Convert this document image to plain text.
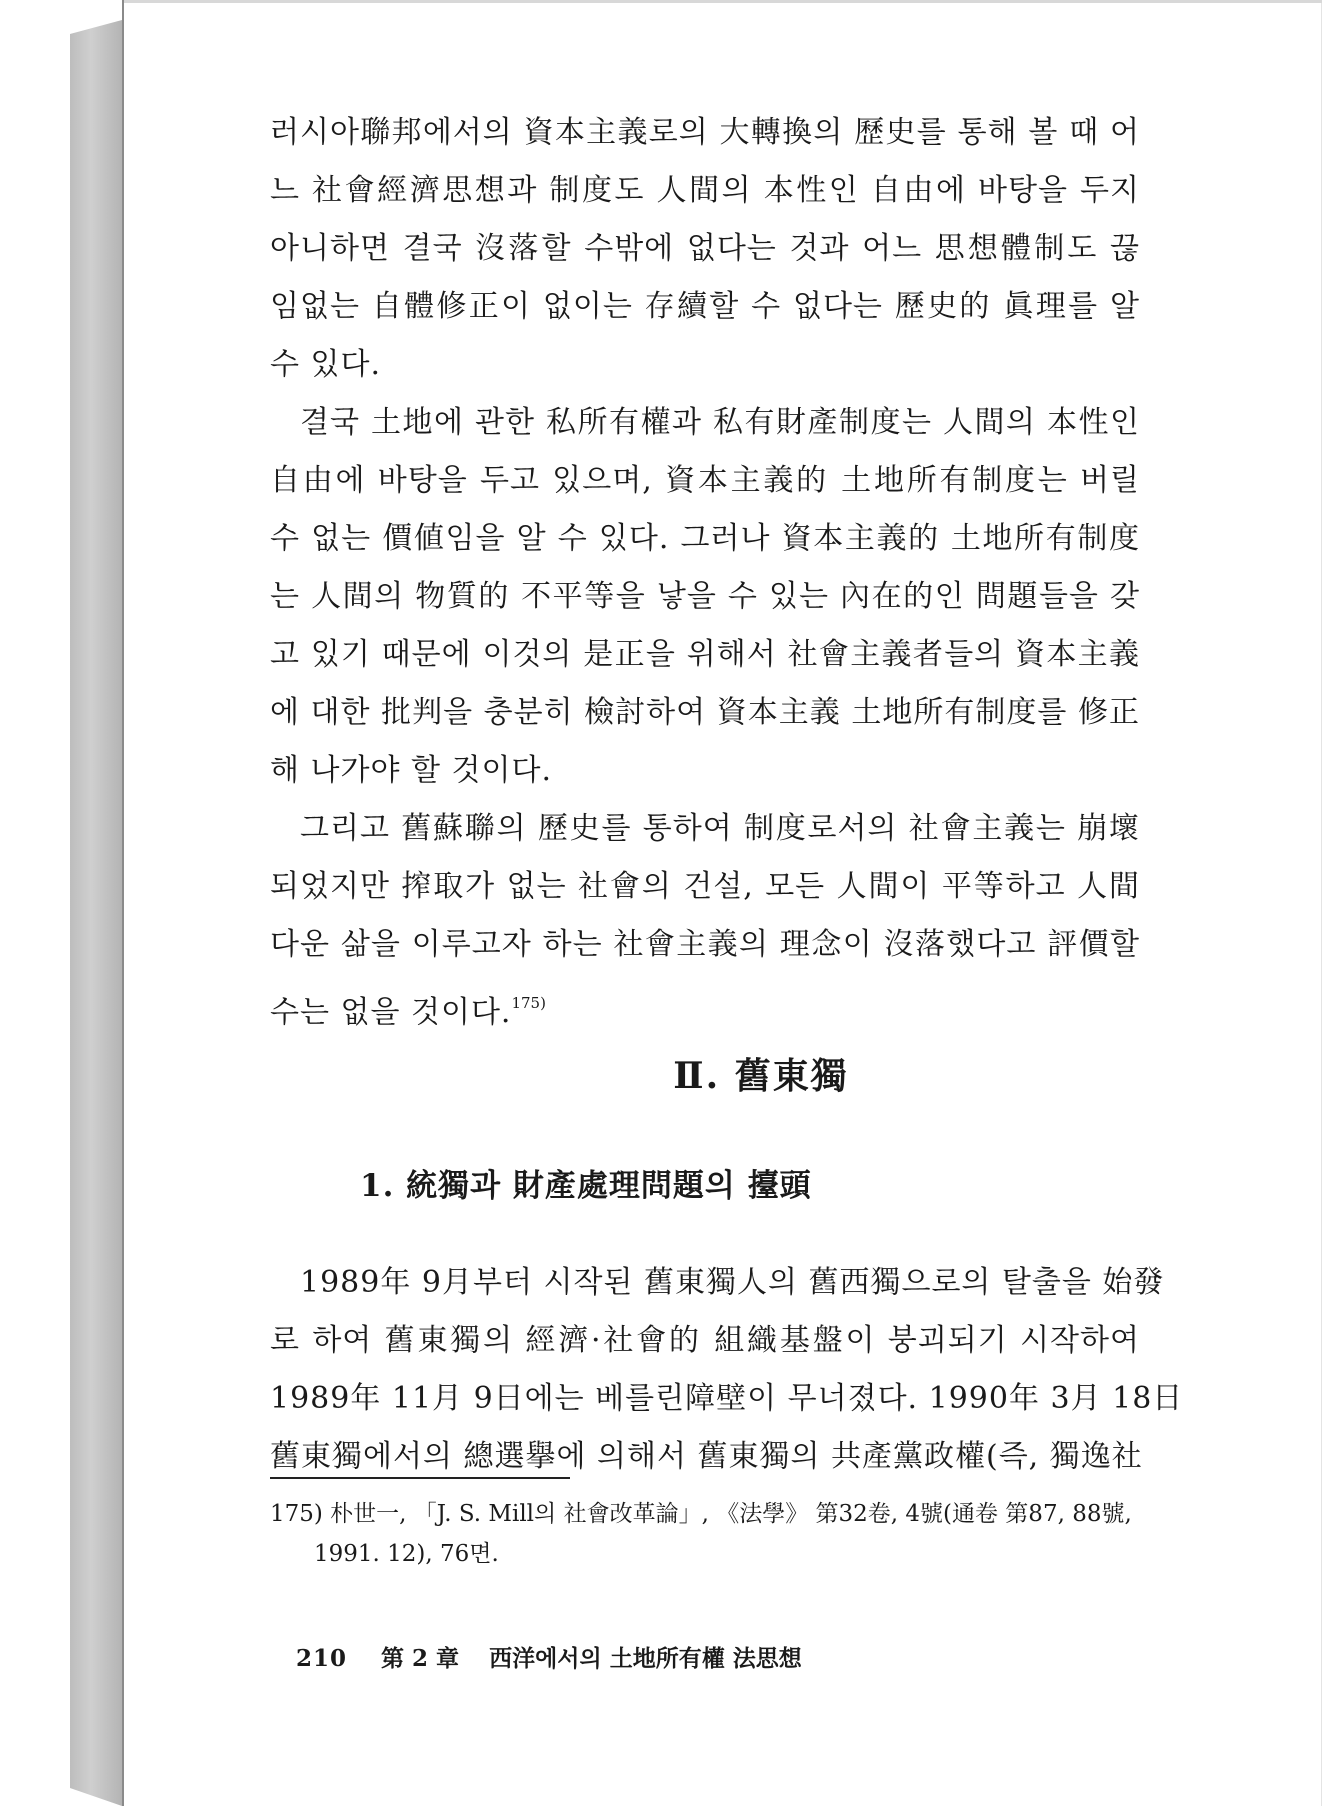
러시아聯邦에서의 資本主義로의 大轉換의 歷史를 통해 볼 때 어
느 社會經濟思想과 制度도 人間의 本性인 自由에 바탕을 두지
아니하면 결국 沒落할 수밖에 없다는 것과 어느 思想體制도 끊
임없는 自體修正이 없이는 存續할 수 없다는 歷史的 眞理를 알
수 있다.

결국 土地에 관한 私所有權과 私有財產制度는 人間의 本性인
自由에 바탕을 두고 있으며, 資本主義的 土地所有制度는 버릴
수 없는 價値임을 알 수 있다. 그러나 資本主義的 土地所有制度
는 人間의 物質的 不平等을 낳을 수 있는 內在的인 問題들을 갖
고 있기 때문에 이것의 是正을 위해서 社會主義者들의 資本主義
에 대한 批判을 충분히 檢討하여 資本主義 土地所有制度를 修正
해 나가야 할 것이다.

그리고 舊蘇聯의 歷史를 통하여 制度로서의 社會主義는 崩壞
되었지만 搾取가 없는 社會의 건설, 모든 人間이 平等하고 人間
다운 삶을 이루고자 하는 社會主義의 理念이 沒落했다고 評價할
수는 없을 것이다.$^{175)}$

Ⅱ. 舊東獨
1. 統獨과 財產處理問題의 擡頭

1989年 9月부터 시작된 舊東獨人의 舊西獨으로의 탈출을 始發
로 하여 舊東獨의 經濟·社會的 組織基盤이 붕괴되기 시작하여
1989年 11月 9日에는 베를린障壁이 무너졌다. 1990年 3月 18日
舊東獨에서의 總選擧에 의해서 舊東獨의 共產黨政權(즉, 獨逸社

175) 朴世一, 「J. S. Mill의 社會改革論」, 《法學》 第32卷, 4號(通卷 第87, 88號,
1991. 12), 76면.
210 第 2 章 西洋에서의 土地所有權 法思想
